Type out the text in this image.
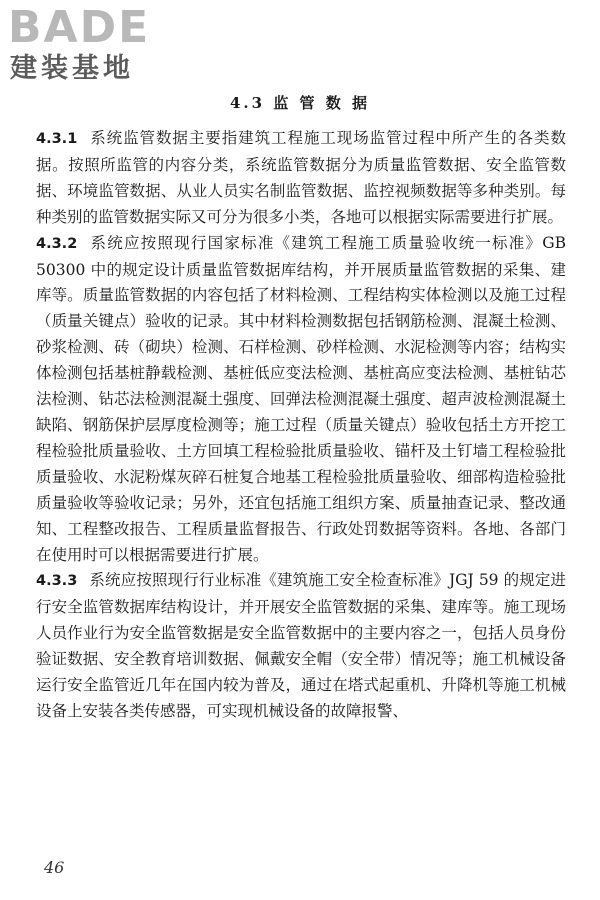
BADE
建装基地
4.3 监 管 数 据

4.3.1 系统监管数据主要指建筑工程施工现场监管过程中所产生的各类数据。按照所监管的内容分类，系统监管数据分为质量监管数据、安全监管数据、环境监管数据、从业人员实名制监管数据、监控视频数据等多种类别。每种类别的监管数据实际又可分为很多小类，各地可以根据实际需要进行扩展。

4.3.2 系统应按照现行国家标准《建筑工程施工质量验收统一标准》GB 50300 中的规定设计质量监管数据库结构，并开展质量监管数据的采集、建库等。质量监管数据的内容包括了材料检测、工程结构实体检测以及施工过程（质量关键点）验收的记录。其中材料检测数据包括钢筋检测、混凝土检测、砂浆检测、砖（砌块）检测、石样检测、砂样检测、水泥检测等内容；结构实体检测包括基桩静载检测、基桩低应变法检测、基桩高应变法检测、基桩钻芯法检测、钻芯法检测混凝土强度、回弹法检测混凝土强度、超声波检测混凝土缺陷、钢筋保护层厚度检测等；施工过程（质量关键点）验收包括土方开挖工程检验批质量验收、土方回填工程检验批质量验收、锚杆及土钉墙工程检验批质量验收、水泥粉煤灰碎石桩复合地基工程检验批质量验收、细部构造检验批质量验收等验收记录；另外，还宜包括施工组织方案、质量抽查记录、整改通知、工程整改报告、工程质量监督报告、行政处罚数据等资料。各地、各部门在使用时可以根据需要进行扩展。

4.3.3 系统应按照现行行业标准《建筑施工安全检查标准》JGJ 59 的规定进行安全监管数据库结构设计，并开展安全监管数据的采集、建库等。施工现场人员作业行为安全监管数据是安全监管数据中的主要内容之一，包括人员身份验证数据、安全教育培训数据、佩戴安全帽（安全带）情况等；施工机械设备运行安全监管近几年在国内较为普及，通过在塔式起重机、升降机等施工机械设备上安装各类传感器，可实现机械设备的故障报警、

46
